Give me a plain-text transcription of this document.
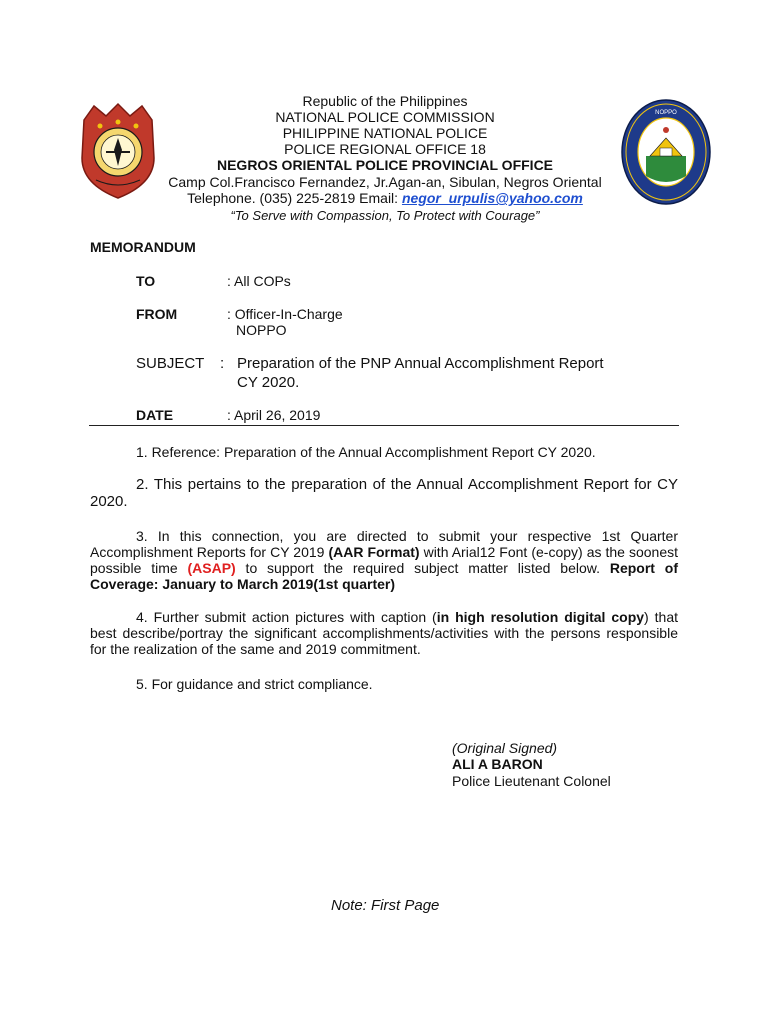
NOPPO
Republic of the Philippines
NATIONAL POLICE COMMISSION
PHILIPPINE NATIONAL POLICE
POLICE REGIONAL OFFICE 18
NEGROS ORIENTAL POLICE PROVINCIAL OFFICE
Camp Col.Francisco Fernandez, Jr.Agan-an, Sibulan, Negros Oriental
Telephone. (035) 225-2819 Email: negor_urpulis@yahoo.com
“To Serve with Compassion, To Protect with Courage”
MEMORANDUM
TO	: All COPs
FROM	: Officer-In-Charge
NOPPO
SUBJECT : Preparation of the PNP Annual Accomplishment Report
CY 2020.
DATE	: April 26, 2019
1. Reference: Preparation of the Annual Accomplishment Report CY 2020.
2. This pertains to the preparation of the Annual Accomplishment Report for CY 2020.
3. In this connection, you are directed to submit your respective 1st Quarter Accomplishment Reports for CY 2019 (AAR Format) with Arial12 Font (e-copy) as the soonest possible time (ASAP) to support the required subject matter listed below. Report of Coverage: January to March 2019(1st quarter)
4. Further submit action pictures with caption (in high resolution digital copy) that best describe/portray the significant accomplishments/activities with the persons responsible for the realization of the same and 2019 commitment.
5. For guidance and strict compliance.
(Original Signed)
ALI A BARON
Police Lieutenant Colonel
Note: First Page
